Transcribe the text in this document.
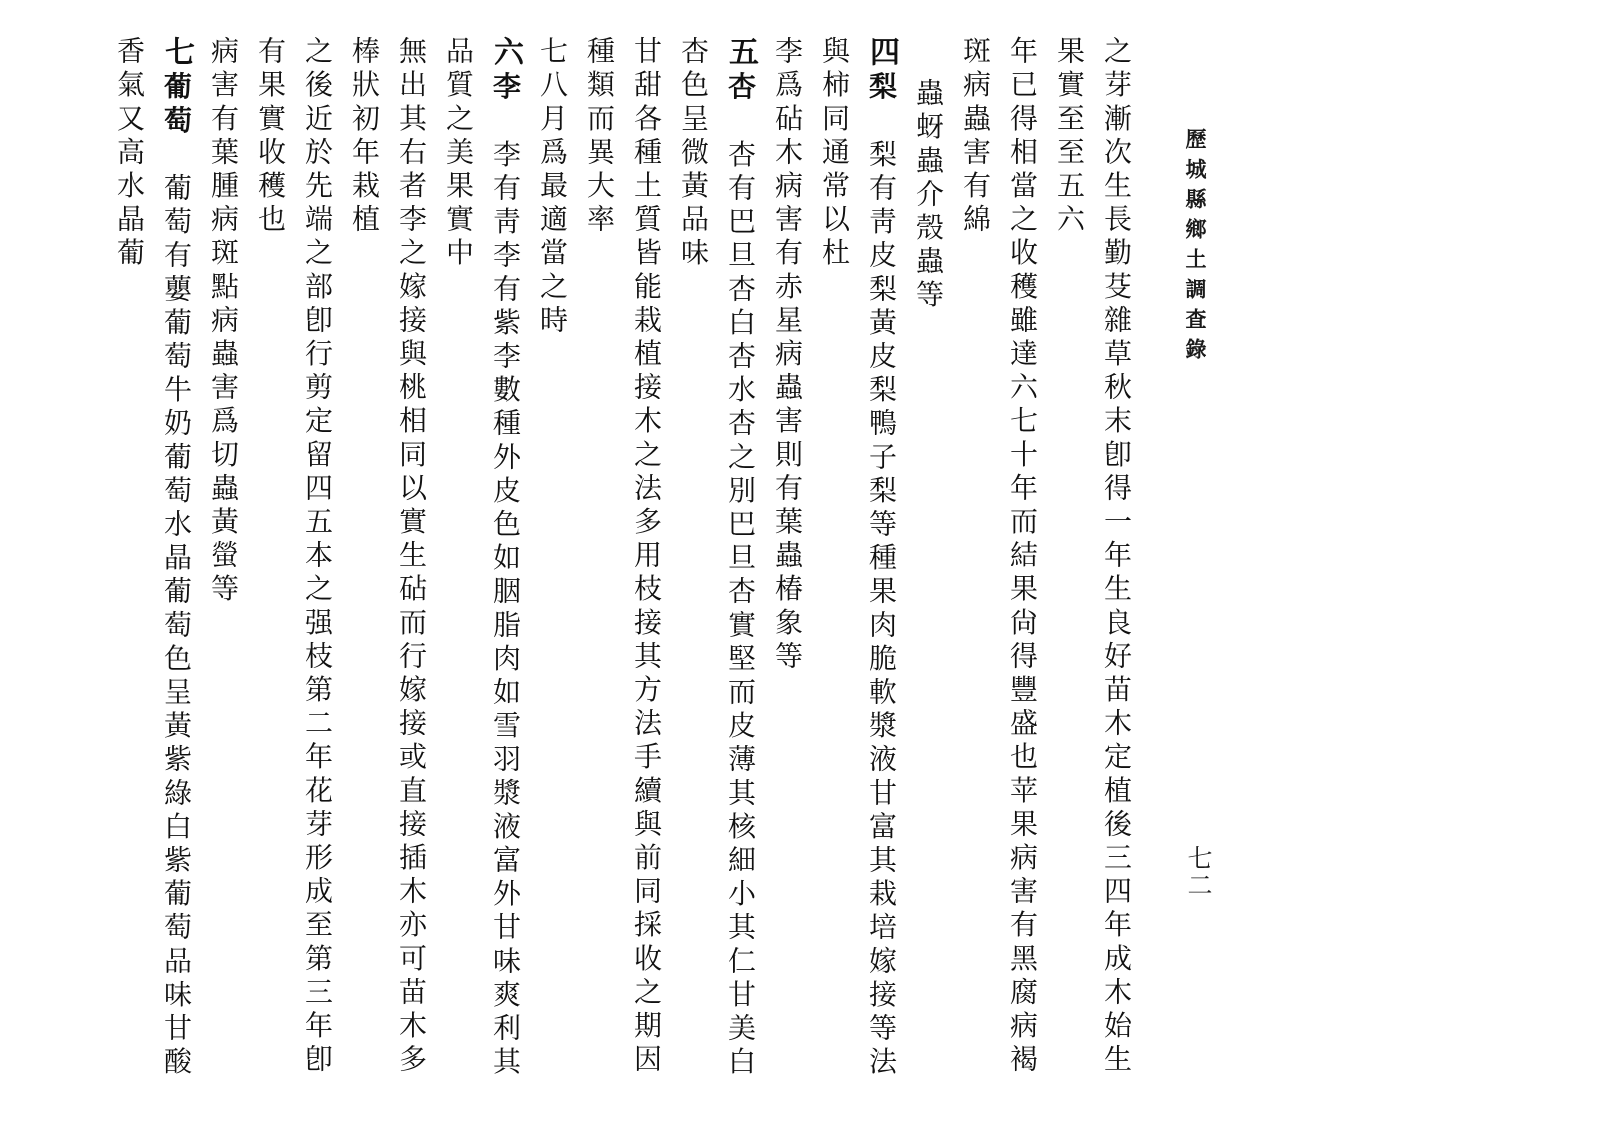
歷城縣鄉土調査錄
七二
之芽漸次生長勤芟雜草秋末卽得一年生良好苗木定植後三四年成木始生果實至至五六
年已得相當之收穫雖達六七十年而結果尙得豐盛也苹果病害有黑腐病褐斑病蟲害有綿
蟲蚜蟲介殼蟲等
四梨梨有靑皮梨黃皮梨鴨子梨等種果肉脆軟漿液甘富其栽培嫁接等法與柿同通常以杜
李爲砧木病害有赤星病蟲害則有葉蟲椿象等
五杏杏有巴旦杏白杏水杏之別巴旦杏實堅而皮薄其核細小其仁甘美白杏色呈微黃品味
甘甜各種土質皆能栽植接木之法多用枝接其方法手續與前同採收之期因種類而異大率
七八月爲最適當之時
六李李有靑李有紫李數種外皮色如胭脂肉如雪羽漿液富外甘味爽利其品質之美果實中
無出其右者李之嫁接與桃相同以實生砧而行嫁接或直接插木亦可苗木多棒狀初年栽植
之後近於先端之部卽行剪定留四五本之强枝第二年花芽形成至第三年卽有果實收穫也
病害有葉腫病斑點病蟲害爲切蟲黃螢等
七葡萄葡萄有蘡葡萄牛奶葡萄水晶葡萄色呈黃紫綠白紫葡萄品味甘酸香氣又高水晶葡
